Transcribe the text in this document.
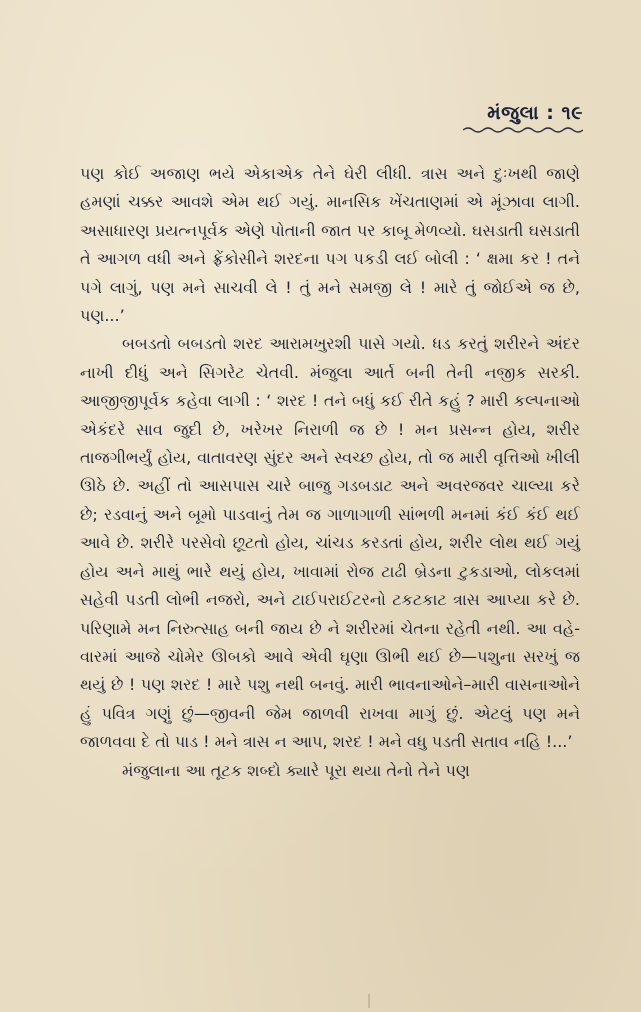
મંજુલા : ૧૯

પણ કોઈ અજાણ ભયે એકાએક તેને ઘેરી લીધી. ત્રાસ અને દુઃખથી જાણે હમણાં ચક્કર આવશે એમ થઈ ગયું. માનસિક ખેંચતાણમાં એ મૂંઝાવા લાગી. અસાધારણ પ્રયત્નપૂર્વક એણે પોતાની જાત પર કાબૂ મેળવ્યો. ઘસડાતી ઘસડાતી તે આગળ વધી અને ફ્રેંકોસીને શરદના પગ પકડી લઈ બોલી : ‘ ક્ષમા કર ! તને પગે લાગું, પણ મને સાચવી લે ! તું મને સમજી લે ! મારે તું જોઈએ જ છે, પણ...’

બબડતો બબડતો શરદ આરામખુરશી પાસે ગયો. ધડ કરતું શરીરને અંદર નાખી દીધું અને સિગરેટ ચેતવી. મંજુલા આર્ત બની તેની નજીક સરકી. આજીજીપૂર્વક કહેવા લાગી : ‘ શરદ ! તને બધું કઈ રીતે કહું ? મારી કલ્પનાઓ એકંદરે સાવ જુદી છે, ખરેખર નિરાળી જ છે ! મન પ્રસન્ન હોય, શરીર તાજગીભર્યું હોય, વાતાવરણ સુંદર અને સ્વચ્છ હોય, તો જ મારી વૃત્તિઓ ખીલી ઊઠે છે. અહીં તો આસપાસ ચારે બાજુ ગડબડાટ અને અવરજવર ચાલ્યા કરે છે; રડવાનું અને બૂમો પાડવાનું તેમ જ ગાળાગાળી સાંભળી મનમાં કંઈ કંઈ થઈ આવે છે. શરીરે પરસેવો છૂટતો હોય, ચાંચડ કરડતાં હોય, શરીર લોથ થઈ ગયું હોય અને માથું ભારે થયું હોય, ખાવામાં રોજ ટાઢી બ્રેડના ટુકડાઓ, લોકલમાં સહેવી પડતી લોભી નજરો, અને ટાઈપરાઈટરનો ટકટકાટ ત્રાસ આપ્યા કરે છે. પરિણામે મન નિરુત્સાહ બની જાય છે ને શરીરમાં ચેતના રહેતી નથી. આ વહે-વારમાં આજે ચોમેર ઊબકો આવે એવી ઘૃણા ઊભી થઈ છે—પશુના સરખું જ થયું છે ! પણ શરદ ! મારે પશુ નથી બનવું. મારી ભાવનાઓને–મારી વાસનાઓને હું પવિત્ર ગણું છું—જીવની જેમ જાળવી રાખવા માગું છું. એટલું પણ મને જાળવવા દે તો પાડ ! મને ત્રાસ ન આપ, શરદ ! મને વધુ પડતી સતાવ નહિ !...’

મંજુલાના આ તૂટક શબ્દો ક્યારે પૂરા થયા તેનો તેને પણ
